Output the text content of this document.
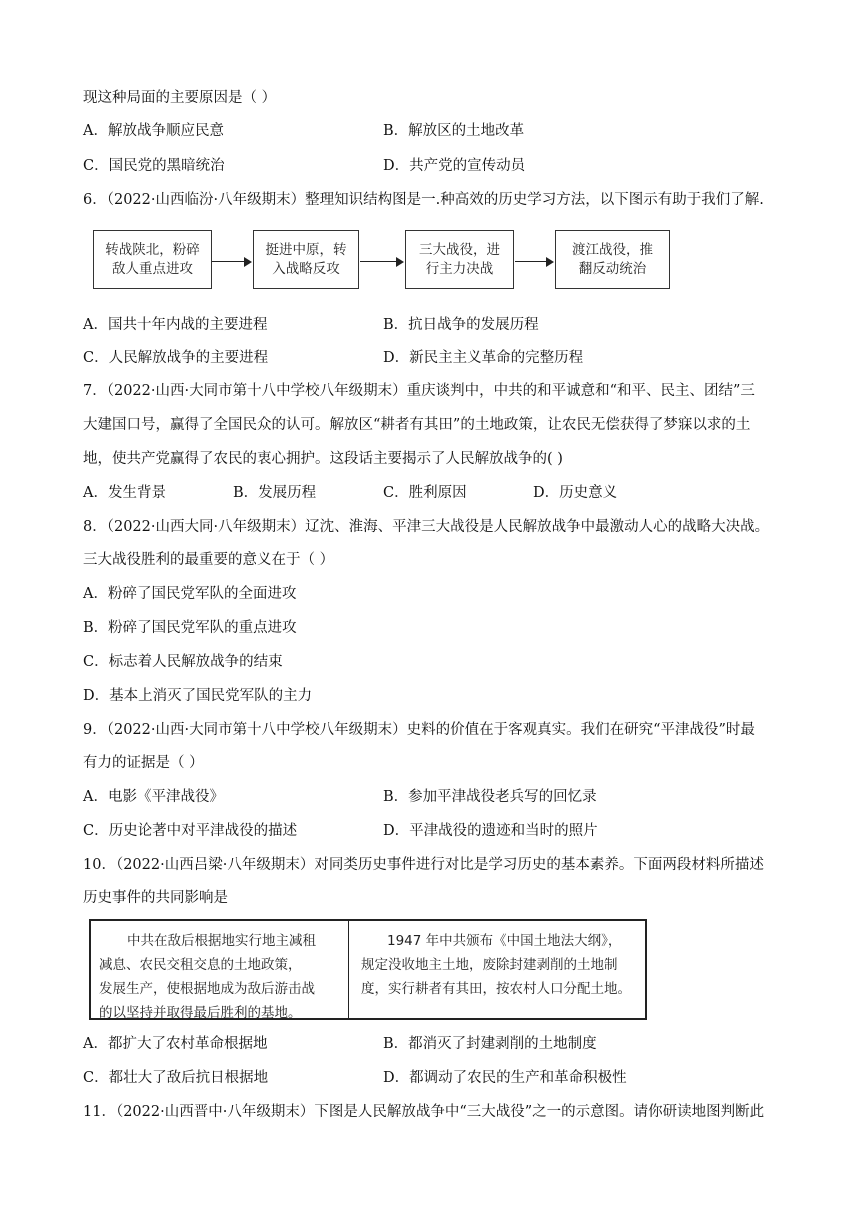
现这种局面的主要原因是（ ）
A．解放战争顺应民意	B．解放区的土地改革
C．国民党的黑暗统治	D．共产党的宣传动员
6．（2022·山西临汾·八年级期末）整理知识结构图是一.种高效的历史学习方法，以下图示有助于我们了解.
转战陕北，粉碎
敌人重点进攻
挺进中原，转
入战略反攻
三大战役，进
行主力决战
渡江战役，推
翻反动统治
A．国共十年内战的主要进程	B．抗日战争的发展历程
C．人民解放战争的主要进程	D．新民主主义革命的完整历程
7．（2022·山西·大同市第十八中学校八年级期末）重庆谈判中，中共的和平诚意和“和平、民主、团结”三
大建国口号，赢得了全国民众的认可。解放区“耕者有其田”的土地政策，让农民无偿获得了梦寐以求的土
地，使共产党赢得了农民的衷心拥护。这段话主要揭示了人民解放战争的( )
A．发生背景	B．发展历程	C．胜利原因	D．历史意义
8．（2022·山西大同·八年级期末）辽沈、淮海、平津三大战役是人民解放战争中最激动人心的战略大决战。
三大战役胜利的最重要的意义在于（ ）
A．粉碎了国民党军队的全面进攻
B．粉碎了国民党军队的重点进攻
C．标志着人民解放战争的结束
D．基本上消灭了国民党军队的主力
9．（2022·山西·大同市第十八中学校八年级期末）史料的价值在于客观真实。我们在研究“平津战役”时最
有力的证据是（ ）
A．电影《平津战役》	B．参加平津战役老兵写的回忆录
C．历史论著中对平津战役的描述	D．平津战役的遗迹和当时的照片
10．（2022·山西吕梁·八年级期末）对同类历史事件进行对比是学习历史的基本素养。下面两段材料所描述
历史事件的共同影响是
中共在敌后根据地实行地主减租
减息、农民交租交息的土地政策，
发展生产，使根据地成为敌后游击战
的以坚持并取得最后胜利的基地。
1947 年中共颁布《中国土地法大纲》，
规定没收地主土地，废除封建剥削的土地制
度，实行耕者有其田，按农村人口分配土地。
A．都扩大了农村革命根据地	B．都消灭了封建剥削的土地制度
C．都壮大了敌后抗日根据地	D．都调动了农民的生产和革命积极性
11．（2022·山西晋中·八年级期末）下图是人民解放战争中“三大战役”之一的示意图。请你研读地图判断此
